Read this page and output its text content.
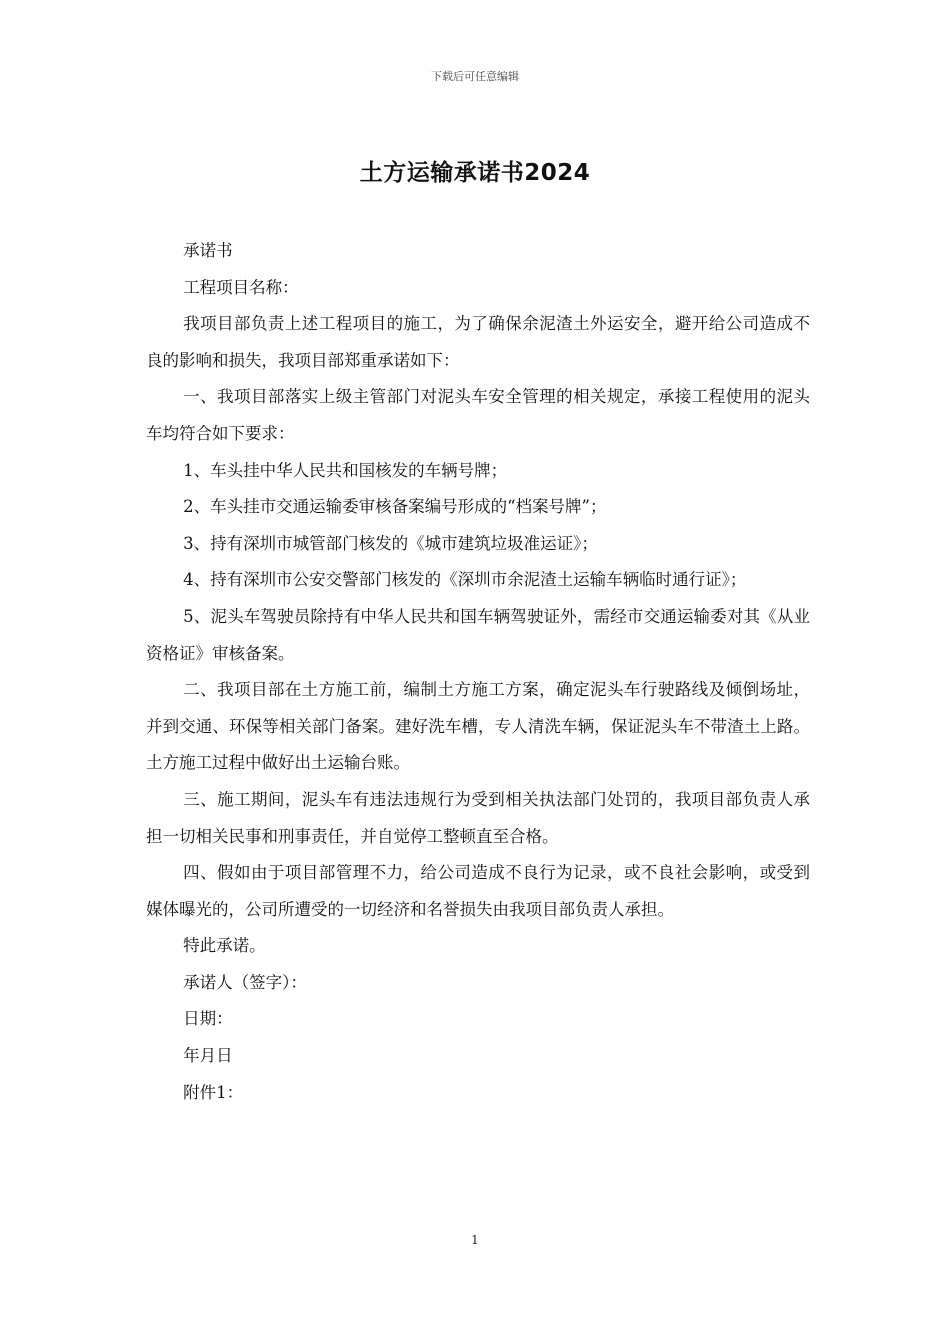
下载后可任意编辑
土方运输承诺书2024

承诺书

工程项目名称：

我项目部负责上述工程项目的施工，为了确保余泥渣土外运安全，避开给公司造成不良的影响和损失，我项目部郑重承诺如下：

一、我项目部落实上级主管部门对泥头车安全管理的相关规定，承接工程使用的泥头车均符合如下要求：

1、车头挂中华人民共和国核发的车辆号牌；

2、车头挂市交通运输委审核备案编号形成的“档案号牌”；

3、持有深圳市城管部门核发的《城市建筑垃圾准运证》；

4、持有深圳市公安交警部门核发的《深圳市余泥渣土运输车辆临时通行证》；

5、泥头车驾驶员除持有中华人民共和国车辆驾驶证外，需经市交通运输委对其《从业资格证》审核备案。

二、我项目部在土方施工前，编制土方施工方案，确定泥头车行驶路线及倾倒场址，并到交通、环保等相关部门备案。建好洗车槽，专人清洗车辆，保证泥头车不带渣土上路。土方施工过程中做好出土运输台账。

三、施工期间，泥头车有违法违规行为受到相关执法部门处罚的，我项目部负责人承担一切相关民事和刑事责任，并自觉停工整顿直至合格。

四、假如由于项目部管理不力，给公司造成不良行为记录，或不良社会影响，或受到媒体曝光的，公司所遭受的一切经济和名誉损失由我项目部负责人承担。

特此承诺。

承诺人（签字）：

日期：

年月日

附件1：

1
